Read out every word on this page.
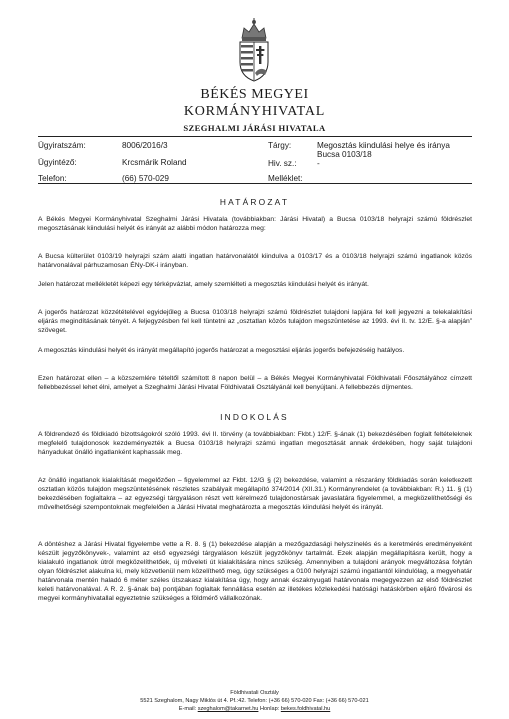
BÉKÉS MEGYEI
KORMÁNYHIVATAL
SZEGHALMI JÁRÁSI HIVATALA
Ügyiratszám:	8006/2016/3
Ügyintéző:	Krcsmárik Roland
Telefon:	(66) 570-029
Tárgy:	Megosztás kiindulási helye és iránya
Bucsa 0103/18
Hiv. sz.: -
Melléklet:
HATÁROZAT

A Békés Megyei Kormányhivatal Szeghalmi Járási Hivatala (továbbiakban: Járási Hivatal) a Bucsa 0103/18 helyrajzi számú földrészlet megosztásának kiindulási helyét és irányát az alábbi módon határozza meg:

A Bucsa külterület 0103/19 helyrajzi szám alatti ingatlan határvonalától kiindulva a 0103/17 és a 0103/18 helyrajzi számú ingatlanok közös határvonalával párhuzamosan ÉNy-DK-i irányban.

Jelen határozat mellékletét képezi egy térképvázlat, amely szemlélteti a megosztás kiindulási helyét és irányát.

A jogerős határozat közzétételével egyidejűleg a Bucsa 0103/18 helyrajzi számú földrészlet tulajdoni lapjára fel kell jegyezni a telekalakítási eljárás megindításának tényét. A feljegyzésben fel kell tüntetni az „osztatlan közös tulajdon megszüntetése az 1993. évi II. tv. 12/E. §-a alapján” szöveget.

A megosztás kiindulási helyét és irányát megállapító jogerős határozat a megosztási eljárás jogerős befejezéséig hatályos.

Ezen határozat ellen – a közszemlére tételtől számított 8 napon belül – a Békés Megyei Kormányhivatal Földhivatali Főosztályához címzett fellebbezéssel lehet élni, amelyet a Szeghalmi Járási Hivatal Földhivatali Osztályánál kell benyújtani. A fellebbezés díjmentes.

INDOKOLÁS

A földrendező és földkiadó bizottságokról szóló 1993. évi II. törvény (a továbbiakban: Fkbt.) 12/F. §-ának (1) bekezdésében foglalt feltételeknek megfelelő tulajdonosok kezdeményezték a Bucsa 0103/18 helyrajzi számú ingatlan megosztását annak érdekében, hogy saját tulajdoni hányadukat önálló ingatlanként kaphassák meg.

Az önálló ingatlanok kialakítását megelőzően – figyelemmel az Fkbt. 12/G § (2) bekezdése, valamint a részarány földkiadás során keletkezett osztatlan közös tulajdon megszüntetésének részletes szabályait megállapító 374/2014 (XII.31.) Kormányrendelet (a továbbiakban: R.) 11. § (1) bekezdésében foglaltakra – az egyezségi tárgyaláson részt vett kérelmező tulajdonostársak javaslatára figyelemmel, a megközelíthetőségi és művelhetőségi szempontoknak megfelelően a Járási Hivatal meghatározta a megosztás kiindulási helyét és irányát.

A döntéshez a Járási Hivatal figyelembe vette a R. 8. § (1) bekezdése alapján a mezőgazdasági helyszínelés és a keretmérés eredményeként készült jegyzőkönyvek-, valamint az első egyezségi tárgyaláson készült jegyzőkönyv tartalmát. Ezek alapján megállapításra került, hogy a kialakuló ingatlanok útról megközelíthetőek, új műveleti út kialakítására nincs szükség. Amennyiben a tulajdoni arányok megváltozása folytán olyan földrészlet alakulna ki, mely közvetlenül nem közelíthető meg, úgy szükséges a 0100 helyrajzi számú ingatlantól kiindulólag, a megyehatár határvonala mentén haladó 6 méter széles útszakasz kialakítása úgy, hogy annak északnyugati határvonala megegyezzen az első földrészlet keleti határvonalával. A R. 2. §-ának ba) pontjában foglaltak fennállása esetén az illetékes közlekedési hatósági hatáskörben eljáró fővárosi és megyei kormányhivatallal egyeztetnie szükséges a földmérő vállalkozónak.

Földhivatali Osztály
5521 Szeghalom, Nagy Miklós út 4. Pf.:42. Telefon: (+36 66) 570-020 Fax: (+36 66) 570-021
E-mail: szeghalom@takarnet.hu Honlap: bekes.foldhivatal.hu
